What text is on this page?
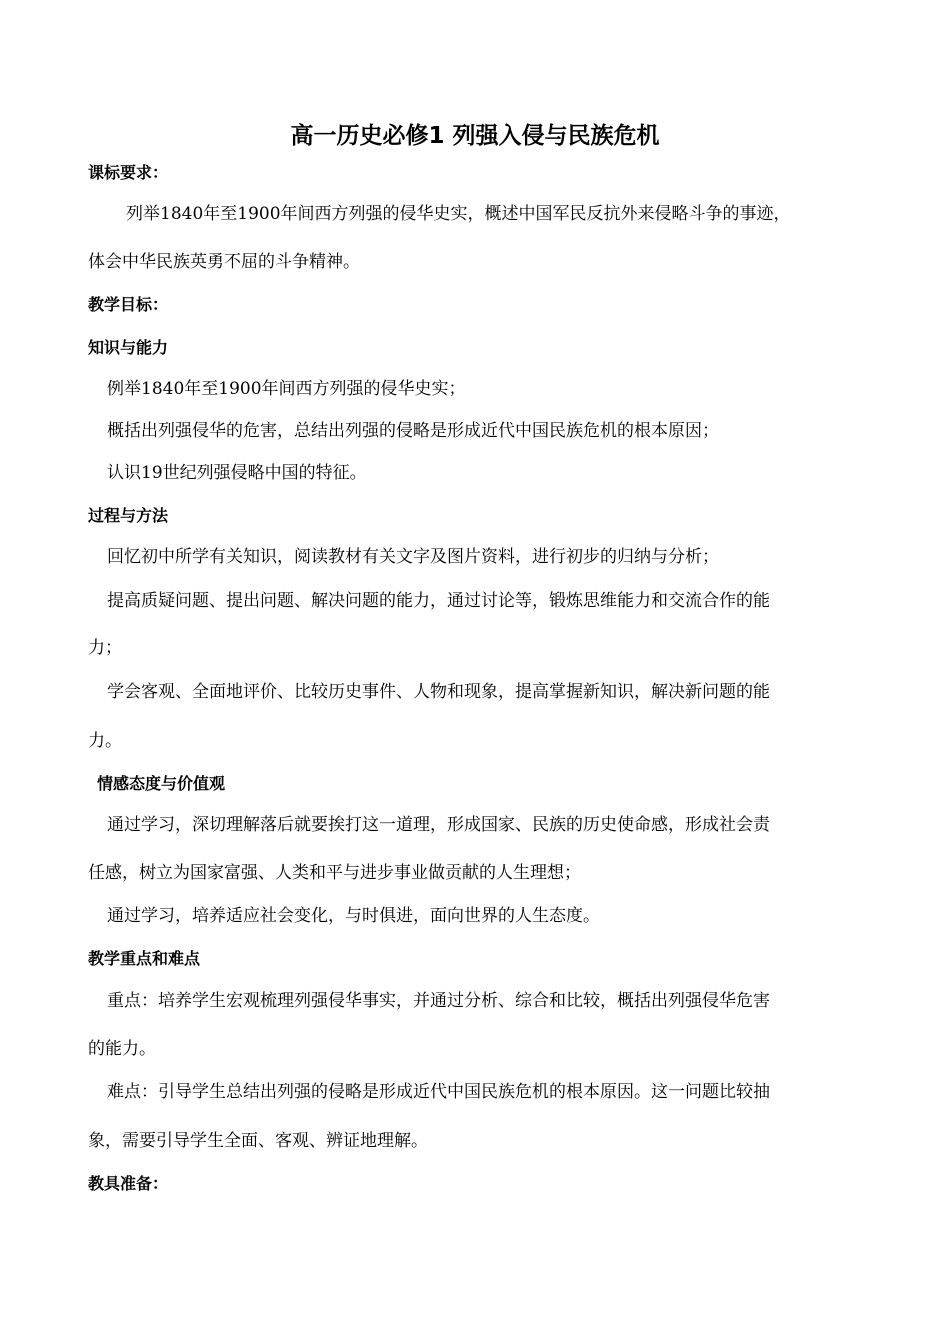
高一历史必修1 列强入侵与民族危机
课标要求：
列举1840年至1900年间西方列强的侵华史实，概述中国军民反抗外来侵略斗争的事迹，
体会中华民族英勇不屈的斗争精神。
教学目标：
知识与能力
例举1840年至1900年间西方列强的侵华史实；
概括出列强侵华的危害，总结出列强的侵略是形成近代中国民族危机的根本原因；
认识19世纪列强侵略中国的特征。
过程与方法
回忆初中所学有关知识，阅读教材有关文字及图片资料，进行初步的归纳与分析；
提高质疑问题、提出问题、解决问题的能力，通过讨论等，锻炼思维能力和交流合作的能
力；
学会客观、全面地评价、比较历史事件、人物和现象，提高掌握新知识，解决新问题的能
力。
情感态度与价值观
通过学习，深切理解落后就要挨打这一道理，形成国家、民族的历史使命感，形成社会责
任感，树立为国家富强、人类和平与进步事业做贡献的人生理想；
通过学习，培养适应社会变化，与时俱进，面向世界的人生态度。
教学重点和难点
重点：培养学生宏观梳理列强侵华事实，并通过分析、综合和比较，概括出列强侵华危害
的能力。
难点：引导学生总结出列强的侵略是形成近代中国民族危机的根本原因。这一问题比较抽
象，需要引导学生全面、客观、辨证地理解。
教具准备：
